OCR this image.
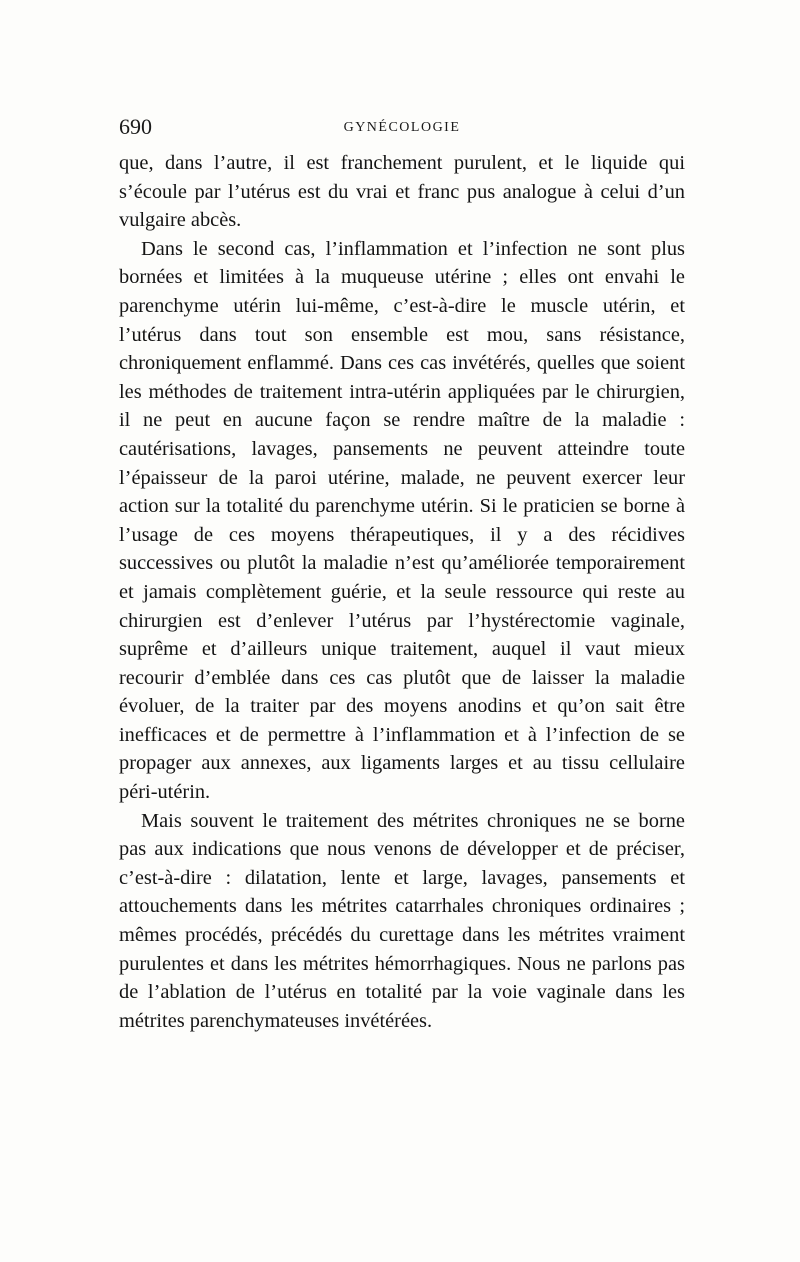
690	GYNÉCOLOGIE

que, dans l’autre, il est franchement purulent, et le liquide qui s’écoule par l’utérus est du vrai et franc pus analogue à celui d’un vulgaire abcès.

Dans le second cas, l’inflammation et l’infection ne sont plus bornées et limitées à la muqueuse utérine ; elles ont envahi le parenchyme utérin lui-même, c’est-à-dire le muscle utérin, et l’utérus dans tout son ensemble est mou, sans résistance, chroniquement enflammé. Dans ces cas invétérés, quelles que soient les méthodes de traitement intra-utérin appliquées par le chirurgien, il ne peut en aucune façon se rendre maître de la maladie : cautérisations, lavages, pansements ne peuvent atteindre toute l’épaisseur de la paroi utérine, malade, ne peuvent exercer leur action sur la totalité du parenchyme utérin. Si le praticien se borne à l’usage de ces moyens thérapeutiques, il y a des récidives successives ou plutôt la maladie n’est qu’améliorée temporairement et jamais complètement guérie, et la seule ressource qui reste au chirurgien est d’enlever l’utérus par l’hystérectomie vaginale, suprême et d’ailleurs unique traitement, auquel il vaut mieux recourir d’emblée dans ces cas plutôt que de laisser la maladie évoluer, de la traiter par des moyens anodins et qu’on sait être inefficaces et de permettre à l’inflammation et à l’infection de se propager aux annexes, aux ligaments larges et au tissu cellulaire péri-utérin.

Mais souvent le traitement des métrites chroniques ne se borne pas aux indications que nous venons de développer et de préciser, c’est-à-dire : dilatation, lente et large, lavages, pansements et attouchements dans les métrites catarrhales chroniques ordinaires ; mêmes procédés, précédés du curettage dans les métrites vraiment purulentes et dans les métrites hémorrhagiques. Nous ne parlons pas de l’ablation de l’utérus en totalité par la voie vaginale dans les métrites parenchymateuses invétérées.
